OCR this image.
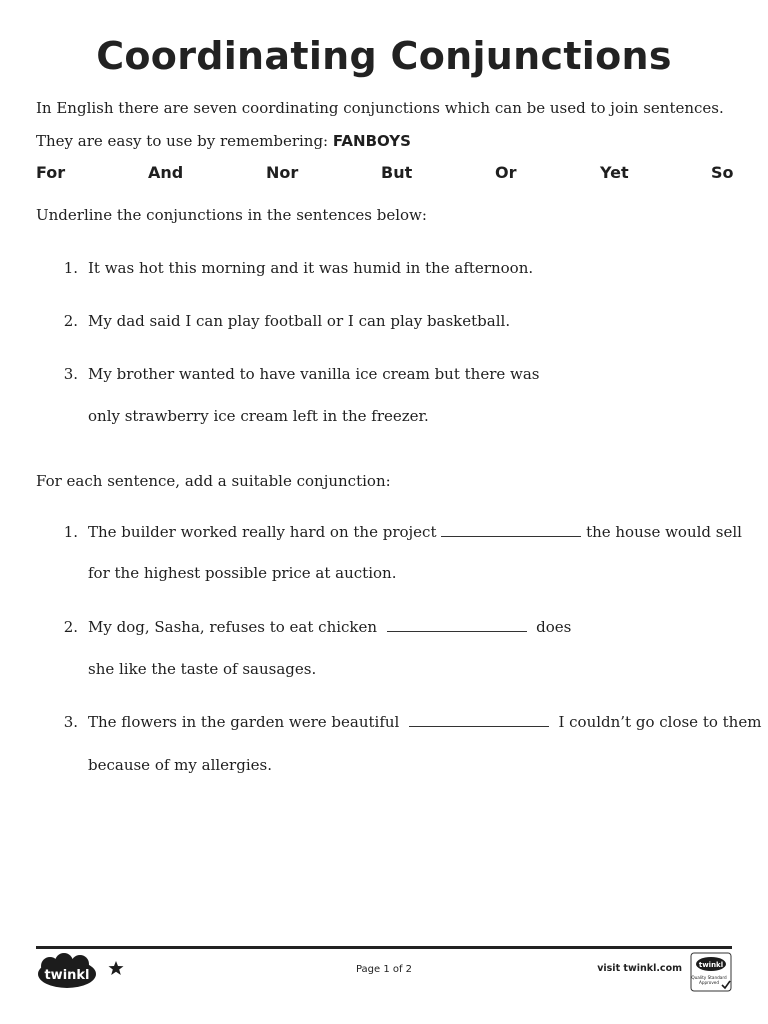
Coordinating Conjunctions
In English there are seven coordinating conjunctions which can be used to join sentences.
They are easy to use by remembering: FANBOYS
For	And	Nor	But	Or	Yet	So
Underline the conjunctions in the sentences below:
1. It was hot this morning and it was humid in the afternoon.
2. My dad said I can play football or I can play basketball.
3. My brother wanted to have vanilla ice cream but there was
only strawberry ice cream left in the freezer.
For each sentence, add a suitable conjunction:
1. The builder worked really hard on the project	the house would sell
for the highest possible price at auction.
2. My dog, Sasha, refuses to eat chicken	does
she like the taste of sausages.
3. The flowers in the garden were beautiful	I couldn’t go close to them
because of my allergies.
twinkl	Page 1 of 2	visit twinkl.com twinkl
Quality Standard
Approved
